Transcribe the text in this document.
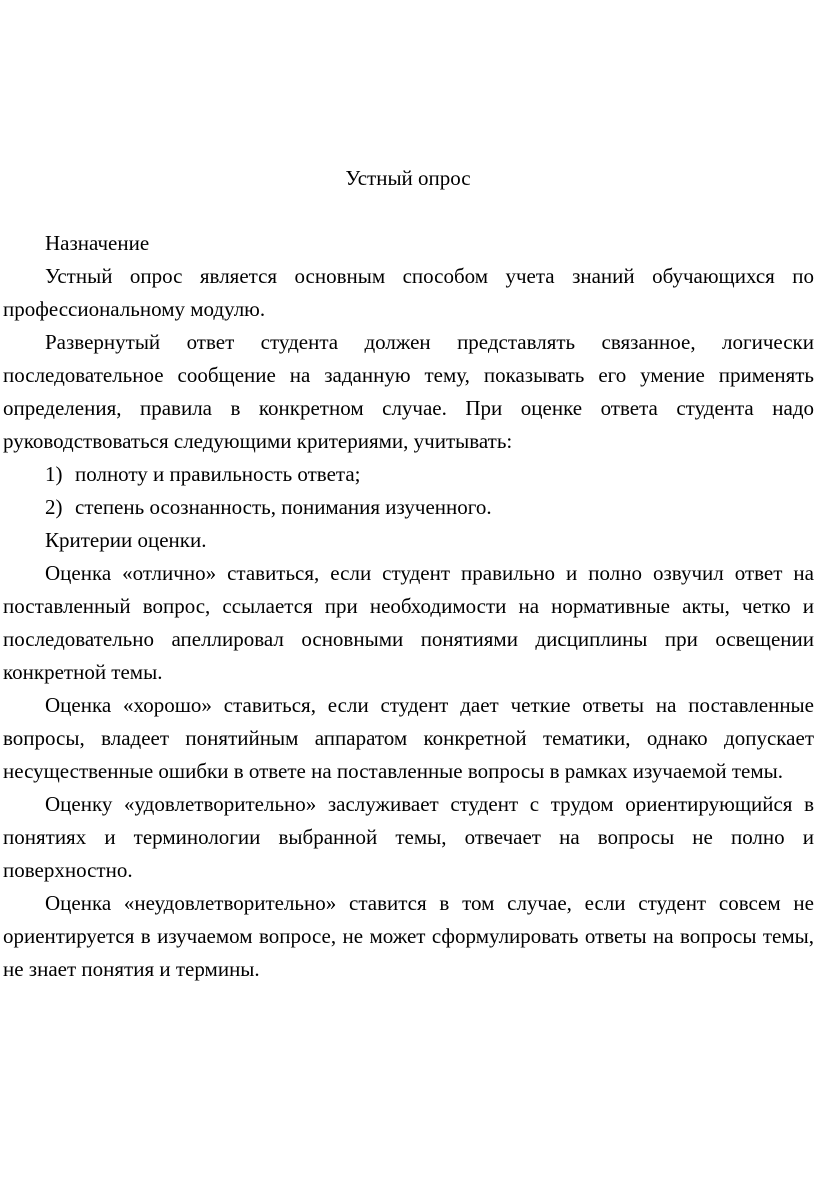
Устный опрос

Назначение

Устный опрос является основным способом учета знаний обучающихся по профессиональному модулю.

Развернутый ответ студента должен представлять связанное, логически последовательное сообщение на заданную тему, показывать его умение применять определения, правила в конкретном случае. При оценке ответа студента надо руководствоваться следующими критериями, учитывать:

1) полноту и правильность ответа;

2) степень осознанность, понимания изученного.

Критерии оценки.

Оценка «отлично» ставиться, если студент правильно и полно озвучил ответ на поставленный вопрос, ссылается при необходимости на нормативные акты, четко и последовательно апеллировал основными понятиями дисциплины при освещении конкретной темы.

Оценка «хорошо» ставиться, если студент дает четкие ответы на поставленные вопросы, владеет понятийным аппаратом конкретной тематики, однако допускает несущественные ошибки в ответе на поставленные вопросы в рамках изучаемой темы.

Оценку «удовлетворительно» заслуживает студент с трудом ориентирующийся в понятиях и терминологии выбранной темы, отвечает на вопросы не полно и поверхностно.

Оценка «неудовлетворительно» ставится в том случае, если студент совсем не ориентируется в изучаемом вопросе, не может сформулировать ответы на вопросы темы, не знает понятия и термины.
